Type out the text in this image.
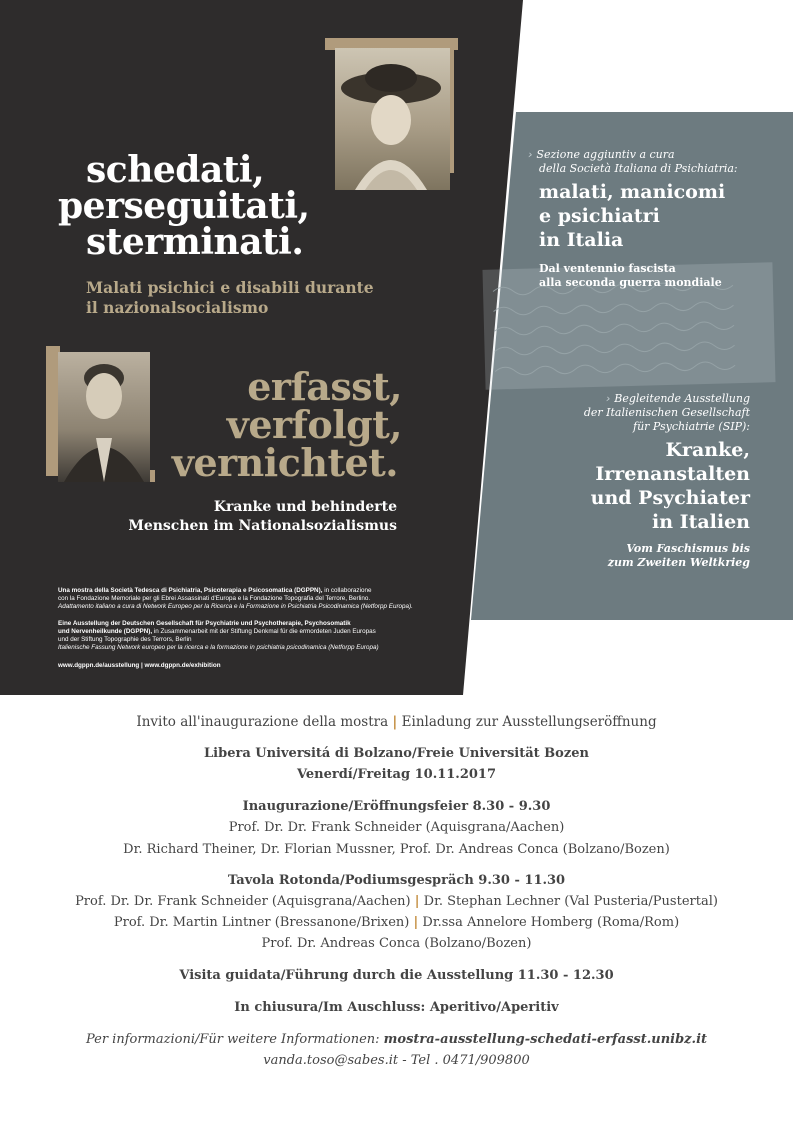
schedati,
perseguitati,
sterminati.
Malati psichici e disabili durante
il nazionalsocialismo
erfasst,
verfolgt,
vernichtet.
Kranke und behinderte
Menschen im Nationalsozialismus
Una mostra della Società Tedesca di Psichiatria, Psicoterapia e Psicosomatica (DGPPN), in collaborazione
con la Fondazione Memoriale per gli Ebrei Assassinati d'Europa e la Fondazione Topografia del Terrore, Berlino.
Adattamento italiano a cura di Network Europeo per la Ricerca e la Formazione in Psichiatria Psicodinamica (Netforpp Europa).
Eine Ausstellung der Deutschen Gesellschaft für Psychiatrie und Psychotherapie, Psychosomatik
und Nervenheilkunde (DGPPN), in Zusammenarbeit mit der Stiftung Denkmal für die ermordeten Juden Europas
und der Stiftung Topographie des Terrors, Berlin
Italienische Fassung Network europeo per la ricerca e la formazione in psichiatria psicodinamica (Netforpp Europa)
www.dgppn.de/ausstellung | www.dgppn.de/exhibition
› Sezione aggiuntiv a cura
della Società Italiana di Psichiatria:
malati, manicomi
e psichiatri
in Italia
Dal ventennio fascista
alla seconda guerra mondiale
› Begleitende Ausstellung
der Italienischen Gesellschaft
für Psychiatrie (SIP):
Kranke,
Irrenanstalten
und Psychiater
in Italien
Vom Faschismus bis
zum Zweiten Weltkrieg
Invito all'inaugurazione della mostra | Einladung zur Ausstellungseröffnung
Libera Universitá di Bolzano/Freie Universität Bozen
Venerdí/Freitag 10.11.2017
Inaugurazione/Eröffnungsfeier 8.30 - 9.30
Prof. Dr. Dr. Frank Schneider (Aquisgrana/Aachen)
Dr. Richard Theiner, Dr. Florian Mussner, Prof. Dr. Andreas Conca (Bolzano/Bozen)
Tavola Rotonda/Podiumsgespräch 9.30 - 11.30
Prof. Dr. Dr. Frank Schneider (Aquisgrana/Aachen) | Dr. Stephan Lechner (Val Pusteria/Pustertal)
Prof. Dr. Martin Lintner (Bressanone/Brixen) | Dr.ssa Annelore Homberg (Roma/Rom)
Prof. Dr. Andreas Conca (Bolzano/Bozen)
Visita guidata/Führung durch die Ausstellung 11.30 - 12.30
In chiusura/Im Auschluss: Aperitivo/Aperitiv
Per informazioni/Für weitere Informationen: mostra-ausstellung-schedati-erfasst.unibz.it
vanda.toso@sabes.it - Tel . 0471/909800
